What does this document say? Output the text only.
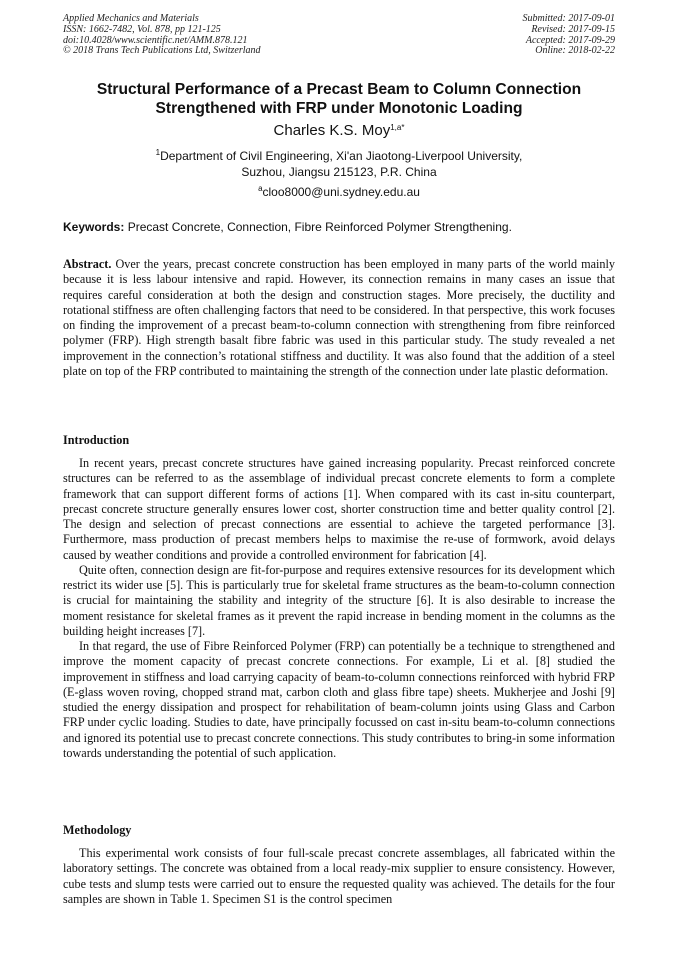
Applied Mechanics and Materials
ISSN: 1662-7482, Vol. 878, pp 121-125
doi:10.4028/www.scientific.net/AMM.878.121
© 2018 Trans Tech Publications Ltd, Switzerland
Submitted: 2017-09-01
Revised: 2017-09-15
Accepted: 2017-09-29
Online: 2018-02-22
Structural Performance of a Precast Beam to Column Connection
Strengthened with FRP under Monotonic Loading
Charles K.S. Moy$^{1,a*}$
$^1$Department of Civil Engineering, Xi'an Jiaotong-Liverpool University,
Suzhou, Jiangsu 215123, P.R. China
$^a$cloo8000@uni.sydney.edu.au
Keywords: Precast Concrete, Connection, Fibre Reinforced Polymer Strengthening.

Abstract. Over the years, precast concrete construction has been employed in many parts of the world mainly because it is less labour intensive and rapid. However, its connection remains in many cases an issue that requires careful consideration at both the design and construction stages. More precisely, the ductility and rotational stiffness are often challenging factors that need to be considered. In that perspective, this work focuses on finding the improvement of a precast beam-to-column connection with strengthening from fibre reinforced polymer (FRP). High strength basalt fibre fabric was used in this particular study. The study revealed a net improvement in the connection’s rotational stiffness and ductility. It was also found that the addition of a steel plate on top of the FRP contributed to maintaining the strength of the connection under late plastic deformation.

Introduction

In recent years, precast concrete structures have gained increasing popularity. Precast reinforced concrete structures can be referred to as the assemblage of individual precast concrete elements to form a complete framework that can support different forms of actions [1]. When compared with its cast in-situ counterpart, precast concrete structure generally ensures lower cost, shorter construction time and better quality control [2]. The design and selection of precast connections are essential to achieve the targeted performance [3]. Furthermore, mass production of precast members helps to maximise the re-use of formwork, avoid delays caused by weather conditions and provide a controlled environment for fabrication [4].

Quite often, connection design are fit-for-purpose and requires extensive resources for its development which restrict its wider use [5]. This is particularly true for skeletal frame structures as the beam-to-column connection is crucial for maintaining the stability and integrity of the structure [6]. It is also desirable to increase the moment resistance for skeletal frames as it prevent the rapid increase in bending moment in the columns as the building height increases [7].

In that regard, the use of Fibre Reinforced Polymer (FRP) can potentially be a technique to strengthened and improve the moment capacity of precast concrete connections. For example, Li et al. [8] studied the improvement in stiffness and load carrying capacity of beam-to-column connections reinforced with hybrid FRP (E-glass woven roving, chopped strand mat, carbon cloth and glass fibre tape) sheets. Mukherjee and Joshi [9] studied the energy dissipation and prospect for rehabilitation of beam-column joints using Glass and Carbon FRP under cyclic loading. Studies to date, have principally focussed on cast in-situ beam-to-column connections and ignored its potential use to precast concrete connections. This study contributes to bring-in some information towards understanding the potential of such application.

Methodology

This experimental work consists of four full-scale precast concrete assemblages, all fabricated within the laboratory settings. The concrete was obtained from a local ready-mix supplier to ensure consistency. However, cube tests and slump tests were carried out to ensure the requested quality was achieved. The details for the four samples are shown in Table 1. Specimen S1 is the control specimen
